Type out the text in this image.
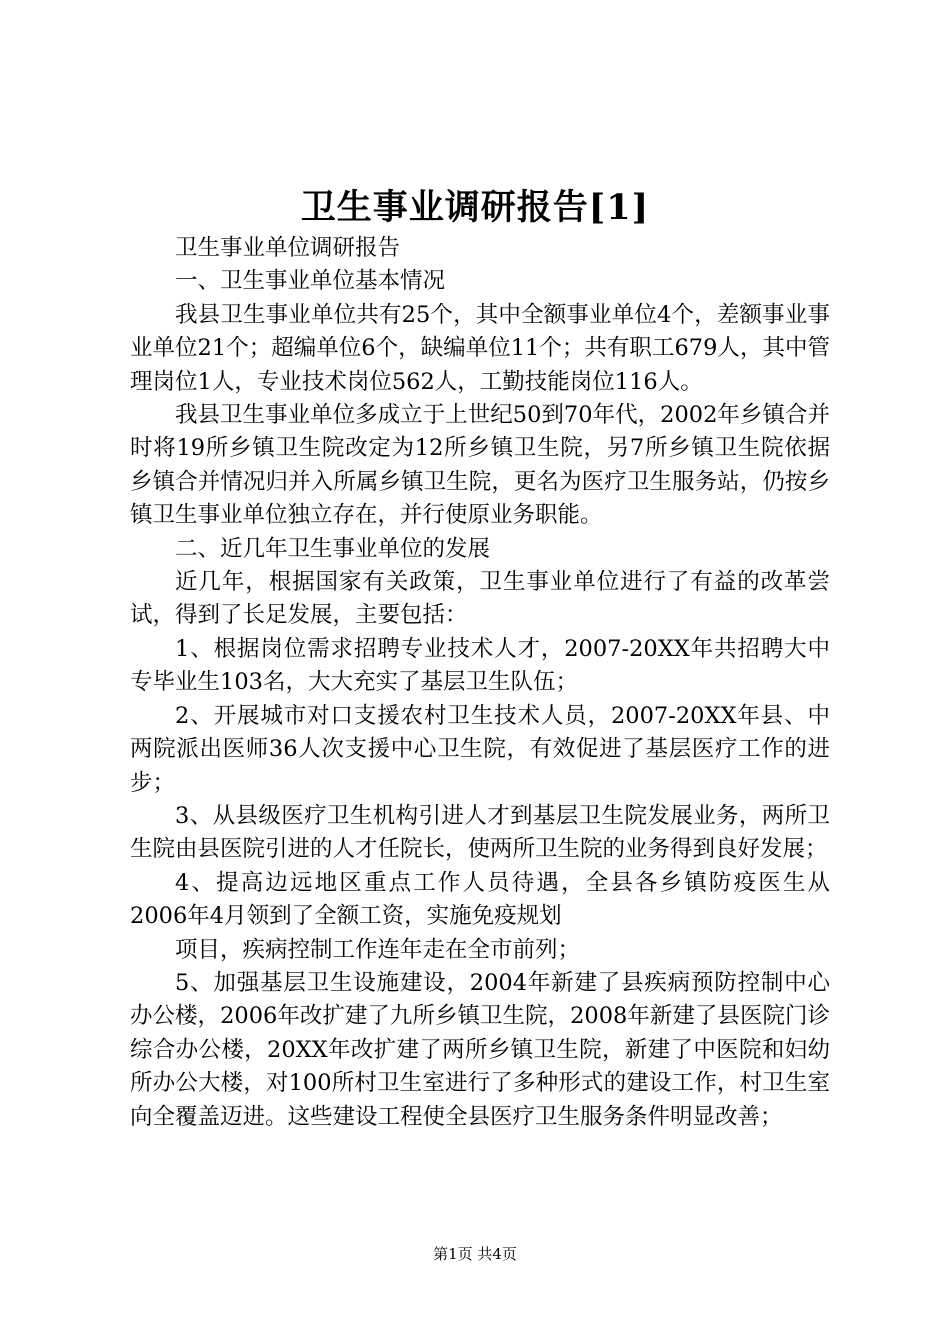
卫生事业调研报告[1]

卫生事业单位调研报告

一、卫生事业单位基本情况

我县卫生事业单位共有25个，其中全额事业单位4个，差额事业事业单位21个；超编单位6个，缺编单位11个；共有职工679人，其中管理岗位1人，专业技术岗位562人，工勤技能岗位116人。

我县卫生事业单位多成立于上世纪50到70年代，2002年乡镇合并时将19所乡镇卫生院改定为12所乡镇卫生院，另7所乡镇卫生院依据乡镇合并情况归并入所属乡镇卫生院，更名为医疗卫生服务站，仍按乡镇卫生事业单位独立存在，并行使原业务职能。

二、近几年卫生事业单位的发展

近几年，根据国家有关政策，卫生事业单位进行了有益的改革尝试，得到了长足发展，主要包括：

1、根据岗位需求招聘专业技术人才，2007-20XX年共招聘大中专毕业生103名，大大充实了基层卫生队伍；

2、开展城市对口支援农村卫生技术人员，2007-20XX年县、中两院派出医师36人次支援中心卫生院，有效促进了基层医疗工作的进步；

3、从县级医疗卫生机构引进人才到基层卫生院发展业务，两所卫生院由县医院引进的人才任院长，使两所卫生院的业务得到良好发展；

4、提高边远地区重点工作人员待遇，全县各乡镇防疫医生从2006年4月领到了全额工资，实施免疫规划

项目，疾病控制工作连年走在全市前列；

5、加强基层卫生设施建设，2004年新建了县疾病预防控制中心办公楼，2006年改扩建了九所乡镇卫生院，2008年新建了县医院门诊综合办公楼，20XX年改扩建了两所乡镇卫生院，新建了中医院和妇幼所办公大楼，对100所村卫生室进行了多种形式的建设工作，村卫生室向全覆盖迈进。这些建设工程使全县医疗卫生服务条件明显改善；

第1页 共4页
